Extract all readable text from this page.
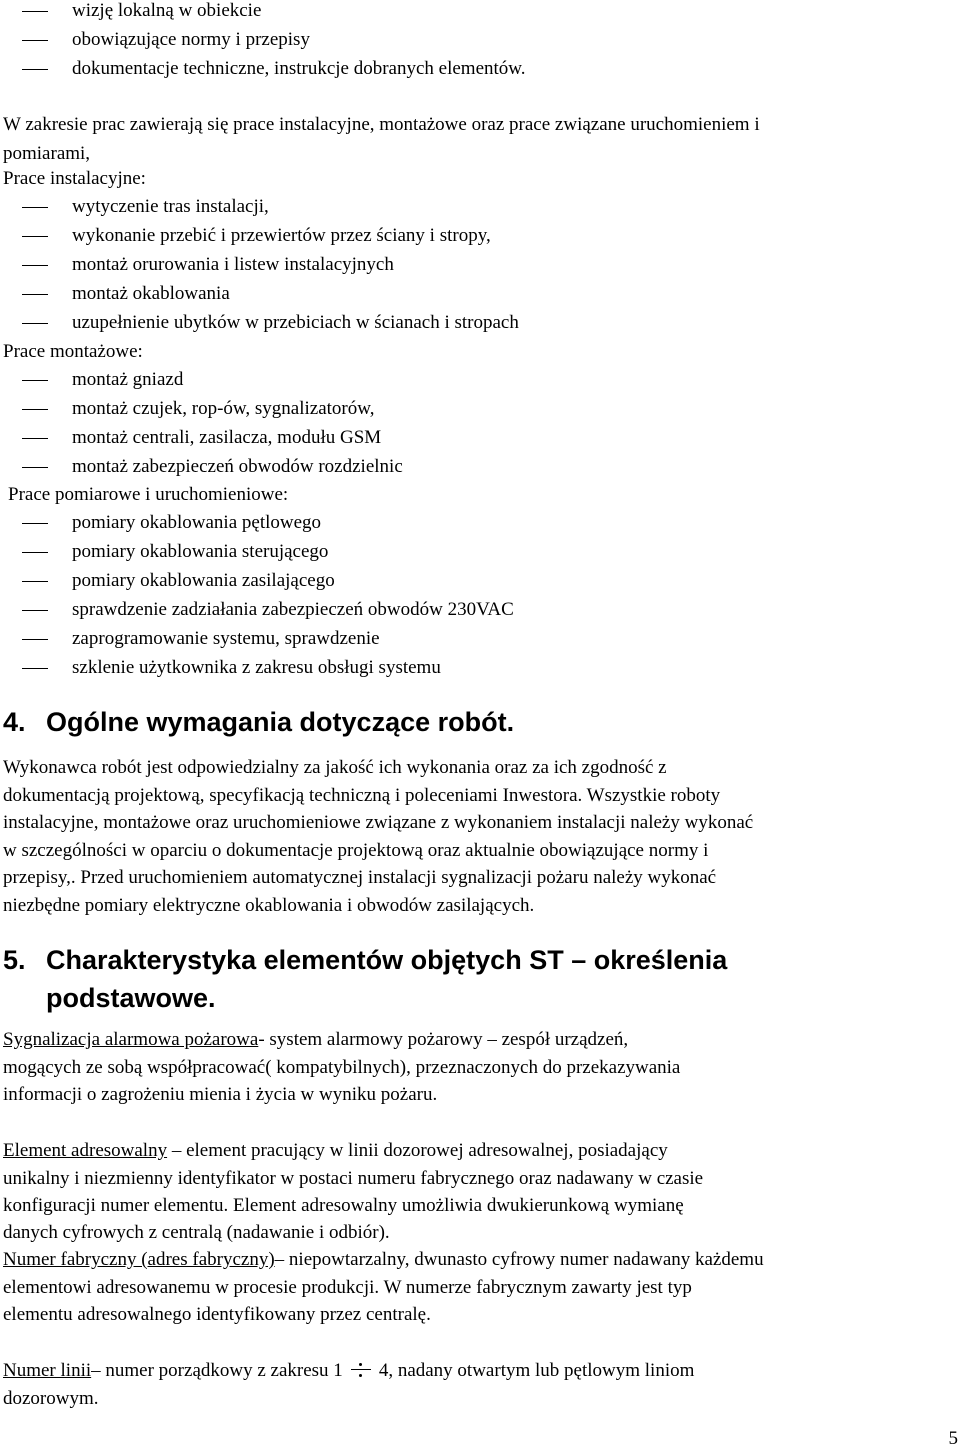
wizję lokalną w obiekcie
obowiązujące normy i przepisy
dokumentacje techniczne, instrukcje dobranych elementów.
W zakresie prac zawierają się prace instalacyjne, montażowe oraz prace związane uruchomieniem i
pomiarami,
Prace instalacyjne:
wytyczenie tras instalacji,
wykonanie przebić i przewiertów przez ściany i stropy,
montaż orurowania i listew instalacyjnych
montaż okablowania
uzupełnienie ubytków w przebiciach w ścianach i stropach
Prace montażowe:
montaż gniazd
montaż czujek, rop-ów, sygnalizatorów,
montaż centrali, zasilacza, modułu GSM
montaż zabezpieczeń obwodów rozdzielnic
Prace pomiarowe i uruchomieniowe:
pomiary okablowania pętlowego
pomiary okablowania sterującego
pomiary okablowania zasilającego
sprawdzenie zadziałania zabezpieczeń obwodów 230VAC
zaprogramowanie systemu, sprawdzenie
szklenie użytkownika z zakresu obsługi systemu
4. Ogólne wymagania dotyczące robót.
Wykonawca robót jest odpowiedzialny za jakość ich wykonania oraz za ich zgodność z
dokumentacją projektową, specyfikacją techniczną i poleceniami Inwestora. Wszystkie roboty
instalacyjne, montażowe oraz uruchomieniowe związane z wykonaniem instalacji należy wykonać
w szczególności w oparciu o dokumentacje projektową oraz aktualnie obowiązujące normy i
przepisy,. Przed uruchomieniem automatycznej instalacji sygnalizacji pożaru należy wykonać
niezbędne pomiary elektryczne okablowania i obwodów zasilających.
5. Charakterystyka elementów objętych ST – określenia
podstawowe.
Sygnalizacja alarmowa pożarowa- system alarmowy pożarowy – zespół urządzeń,
mogących ze sobą współpracować( kompatybilnych), przeznaczonych do przekazywania
informacji o zagrożeniu mienia i życia w wyniku pożaru.
Element adresowalny – element pracujący w linii dozorowej adresowalnej, posiadający
unikalny i niezmienny identyfikator w postaci numeru fabrycznego oraz nadawany w czasie
konfiguracji numer elementu. Element adresowalny umożliwia dwukierunkową wymianę
danych cyfrowych z centralą (nadawanie i odbiór).
Numer fabryczny (adres fabryczny)– niepowtarzalny, dwunasto cyfrowy numer nadawany każdemu
elementowi adresowanemu w procesie produkcji. W numerze fabrycznym zawarty jest typ
elementu adresowalnego identyfikowany przez centralę.
Numer linii– numer porządkowy z zakresu 1 4, nadany otwartym lub pętlowym liniom
dozorowym.
5
